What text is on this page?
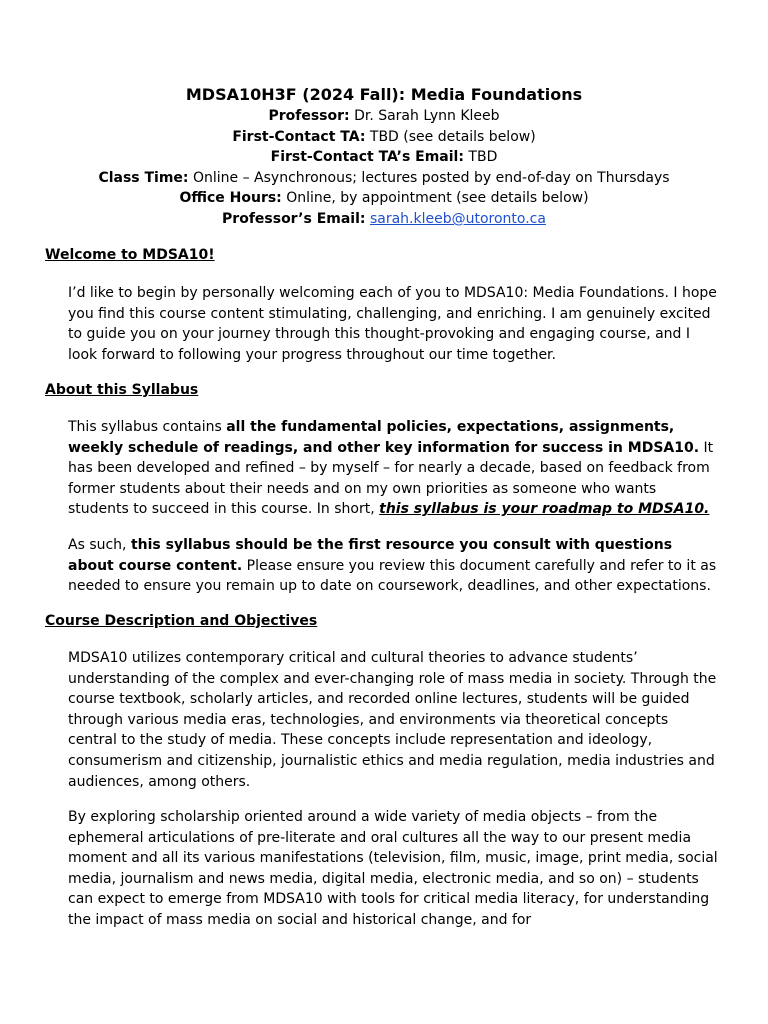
MDSA10H3F (2024 Fall): Media Foundations

Professor: Dr. Sarah Lynn Kleeb

First-Contact TA: TBD (see details below)

First-Contact TA’s Email: TBD

Class Time: Online – Asynchronous; lectures posted by end-of-day on Thursdays

Office Hours: Online, by appointment (see details below)

Professor’s Email: sarah.kleeb@utoronto.ca

Welcome to MDSA10!

I’d like to begin by personally welcoming each of you to MDSA10: Media Foundations. I hope you find this course content stimulating, challenging, and enriching. I am genuinely excited to guide you on your journey through this thought-provoking and engaging course, and I look forward to following your progress throughout our time together.

About this Syllabus

This syllabus contains all the fundamental policies, expectations, assignments, weekly schedule of readings, and other key information for success in MDSA10. It has been developed and refined – by myself – for nearly a decade, based on feedback from former students about their needs and on my own priorities as someone who wants students to succeed in this course. In short, this syllabus is your roadmap to MDSA10.

As such, this syllabus should be the first resource you consult with questions about course content. Please ensure you review this document carefully and refer to it as needed to ensure you remain up to date on coursework, deadlines, and other expectations.

Course Description and Objectives

MDSA10 utilizes contemporary critical and cultural theories to advance students’ understanding of the complex and ever-changing role of mass media in society. Through the course textbook, scholarly articles, and recorded online lectures, students will be guided through various media eras, technologies, and environments via theoretical concepts central to the study of media. These concepts include representation and ideology, consumerism and citizenship, journalistic ethics and media regulation, media industries and audiences, among others.

By exploring scholarship oriented around a wide variety of media objects – from the ephemeral articulations of pre-literate and oral cultures all the way to our present media moment and all its various manifestations (television, film, music, image, print media, social media, journalism and news media, digital media, electronic media, and so on) – students can expect to emerge from MDSA10 with tools for critical media literacy, for understanding the impact of mass media on social and historical change, and for
